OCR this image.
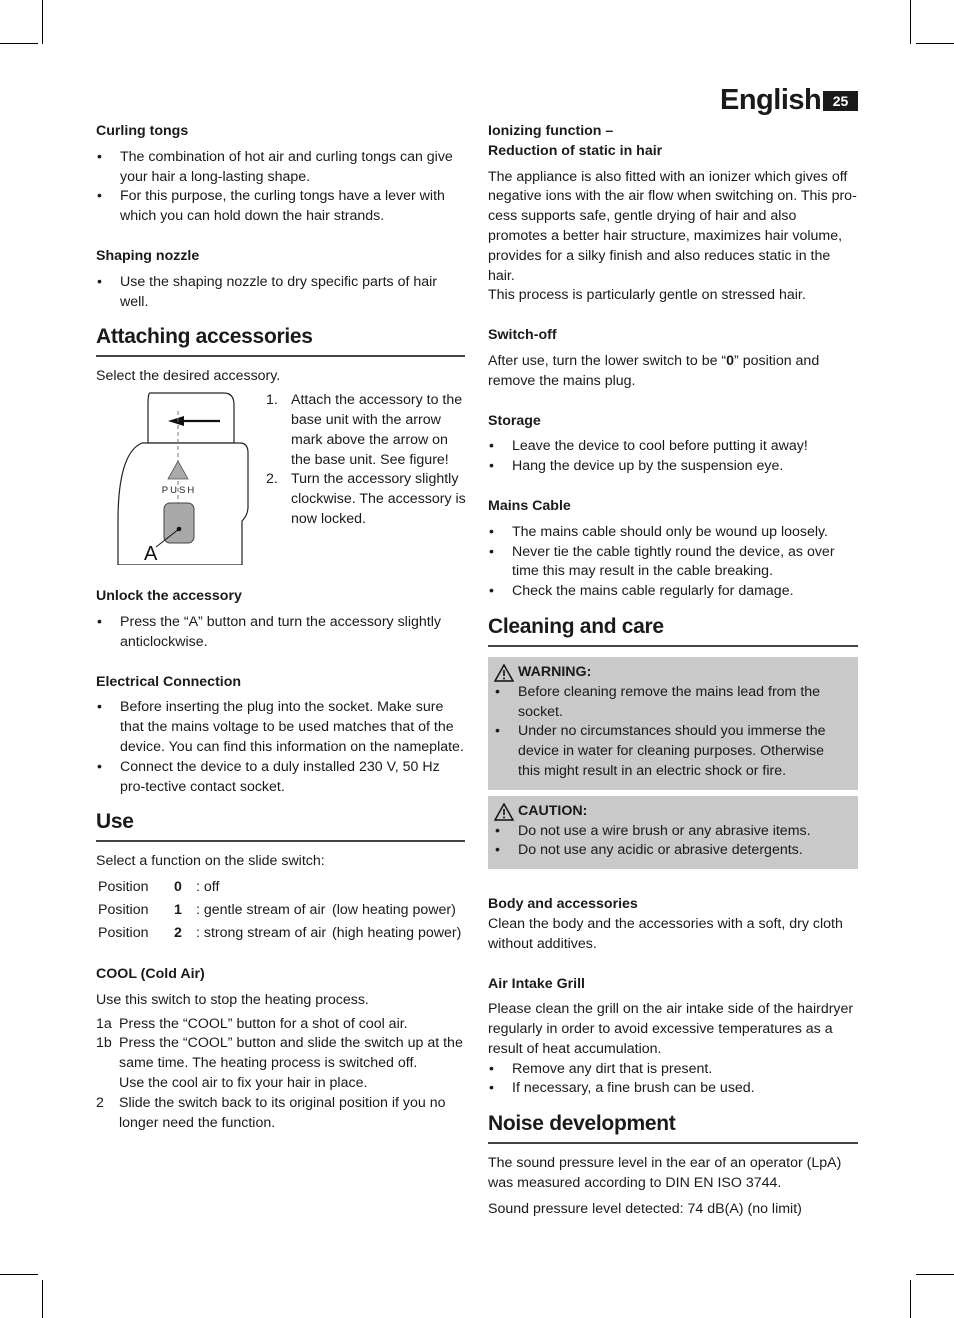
English 25

Curling tongs

• The combination of hot air and curling tongs can give your hair a long-lasting shape.
• For this purpose, the curling tongs have a lever with which you can hold down the hair strands.

Shaping nozzle

• Use the shaping nozzle to dry specific parts of hair well.
Attaching accessories

Select the desired accessory.

PUSH
A
1. Attach the accessory to the base unit with the arrow mark above the arrow on the base unit. See figure!
2. Turn the accessory slightly clockwise. The accessory is now locked.

Unlock the accessory

• Press the “A” button and turn the accessory slightly anticlockwise.

Electrical Connection

• Before inserting the plug into the socket. Make sure that the mains voltage to be used matches that of the device. You can find this information on the nameplate.
• Connect the device to a duly installed 230 V, 50 Hz pro-tective contact socket.
Use

Select a function on the slide switch:

Position	0	: off	
Position	1	: gentle stream of air	(low heating power)
Position	2	: strong stream of air	(high heating power)

COOL (Cold Air)

Use this switch to stop the heating process.

1a Press the “COOL” button for a shot of cool air.
1b Press the “COOL” button and slide the switch up at the same time. The heating process is switched off.
Use the cool air to fix your hair in place.
2	Slide the switch back to its original position if you no longer need the function.

Ionizing function –
Reduction of static in hair

The appliance is also fitted with an ionizer which gives off negative ions with the air flow when switching on. This pro-cess supports safe, gentle drying of hair and also promotes a better hair structure, maximizes hair volume, provides for a silky finish and also reduces static in the hair.

This process is particularly gentle on stressed hair.

Switch-off

After use, turn the lower switch to be “0” position and remove the mains plug.

Storage

• Leave the device to cool before putting it away!
• Hang the device up by the suspension eye.

Mains Cable

• The mains cable should only be wound up loosely.
• Never tie the cable tightly round the device, as over time this may result in the cable breaking.
• Check the mains cable regularly for damage.
Cleaning and care
WARNING:
• Before cleaning remove the mains lead from the socket.
• Under no circumstances should you immerse the device in water for cleaning purposes. Otherwise this might result in an electric shock or fire.
CAUTION:
• Do not use a wire brush or any abrasive items.
• Do not use any acidic or abrasive detergents.

Body and accessories

Clean the body and the accessories with a soft, dry cloth without additives.

Air Intake Grill

Please clean the grill on the air intake side of the hairdryer regularly in order to avoid excessive temperatures as a result of heat accumulation.

• Remove any dirt that is present.
• If necessary, a fine brush can be used.
Noise development

The sound pressure level in the ear of an operator (LpA) was measured according to DIN EN ISO 3744.

Sound pressure level detected: 74 dB(A) (no limit)
